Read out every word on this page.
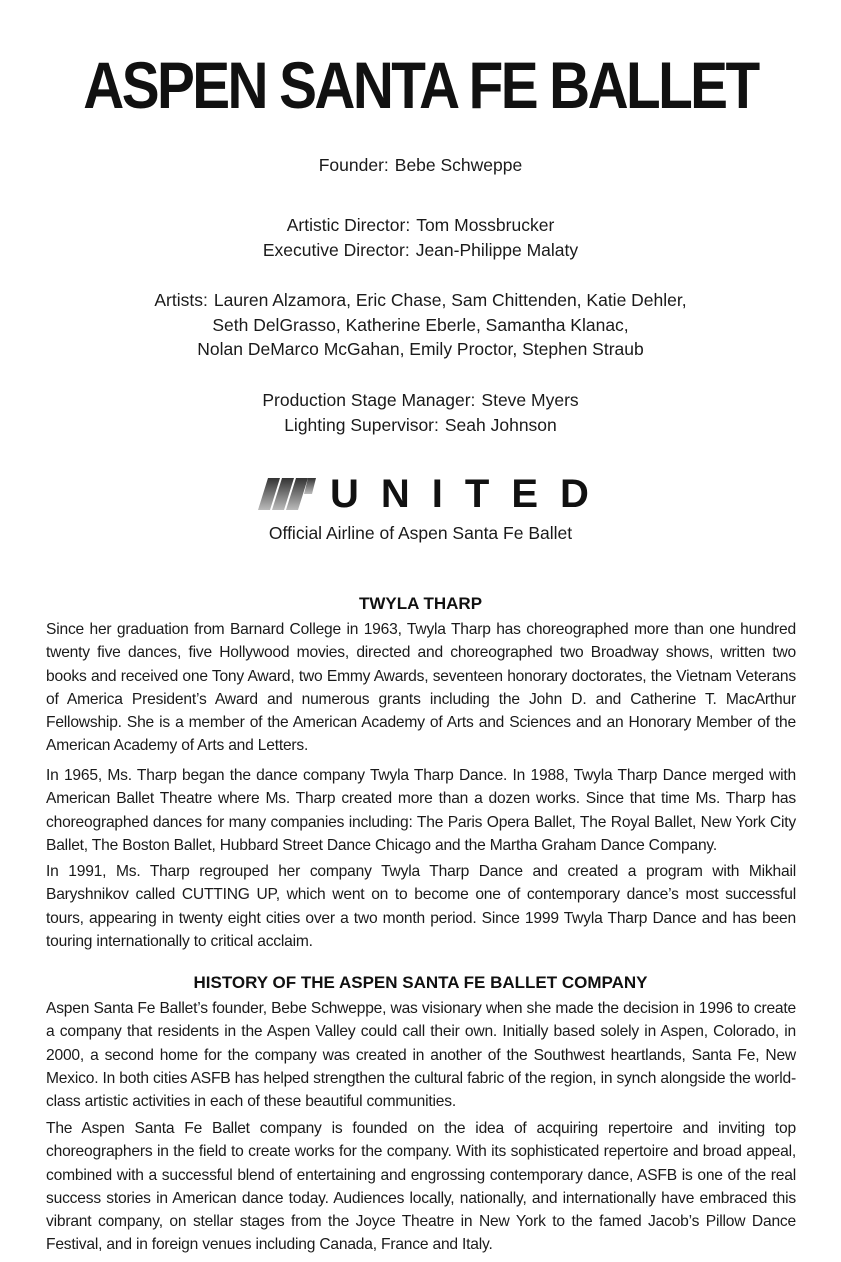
ASPEN SANTA FE BALLET
Founder: Bebe Schweppe
Artistic Director: Tom Mossbrucker
Executive Director: Jean-Philippe Malaty
Artists: Lauren Alzamora, Eric Chase, Sam Chittenden, Katie Dehler,
Seth DelGrasso, Katherine Eberle, Samantha Klanac,
Nolan DeMarco McGahan, Emily Proctor, Stephen Straub
Production Stage Manager: Steve Myers
Lighting Supervisor: Seah Johnson
UNITED
Official Airline of Aspen Santa Fe Ballet
TWYLA THARP
Since her graduation from Barnard College in 1963, Twyla Tharp has choreographed more than one hundred twenty five dances, five Hollywood movies, directed and choreographed two Broadway shows, written two books and received one Tony Award, two Emmy Awards, seventeen honorary doctorates, the Vietnam Veterans of America President’s Award and numerous grants including the John D. and Catherine T. MacArthur Fellowship. She is a member of the American Academy of Arts and Sciences and an Honorary Member of the American Academy of Arts and Letters.
In 1965, Ms. Tharp began the dance company Twyla Tharp Dance. In 1988, Twyla Tharp Dance merged with American Ballet Theatre where Ms. Tharp created more than a dozen works. Since that time Ms. Tharp has choreographed dances for many companies including: The Paris Opera Ballet, The Royal Ballet, New York City Ballet, The Boston Ballet, Hubbard Street Dance Chicago and the Martha Graham Dance Company.
In 1991, Ms. Tharp regrouped her company Twyla Tharp Dance and created a program with Mikhail Baryshnikov called CUTTING UP, which went on to become one of contemporary dance’s most successful tours, appearing in twenty eight cities over a two month period. Since 1999 Twyla Tharp Dance and has been touring internationally to critical acclaim.
HISTORY OF THE ASPEN SANTA FE BALLET COMPANY
Aspen Santa Fe Ballet’s founder, Bebe Schweppe, was visionary when she made the decision in 1996 to create a company that residents in the Aspen Valley could call their own. Initially based solely in Aspen, Colorado, in 2000, a second home for the company was created in another of the Southwest heartlands, Santa Fe, New Mexico. In both cities ASFB has helped strengthen the cultural fabric of the region, in synch alongside the world-class artistic activities in each of these beautiful communities.
The Aspen Santa Fe Ballet company is founded on the idea of acquiring repertoire and inviting top choreographers in the field to create works for the company. With its sophisticated repertoire and broad appeal, combined with a successful blend of entertaining and engrossing contemporary dance, ASFB is one of the real success stories in American dance today. Audiences locally, nationally, and internationally have embraced this vibrant company, on stellar stages from the Joyce Theatre in New York to the famed Jacob’s Pillow Dance Festival, and in foreign venues including Canada, France and Italy.
